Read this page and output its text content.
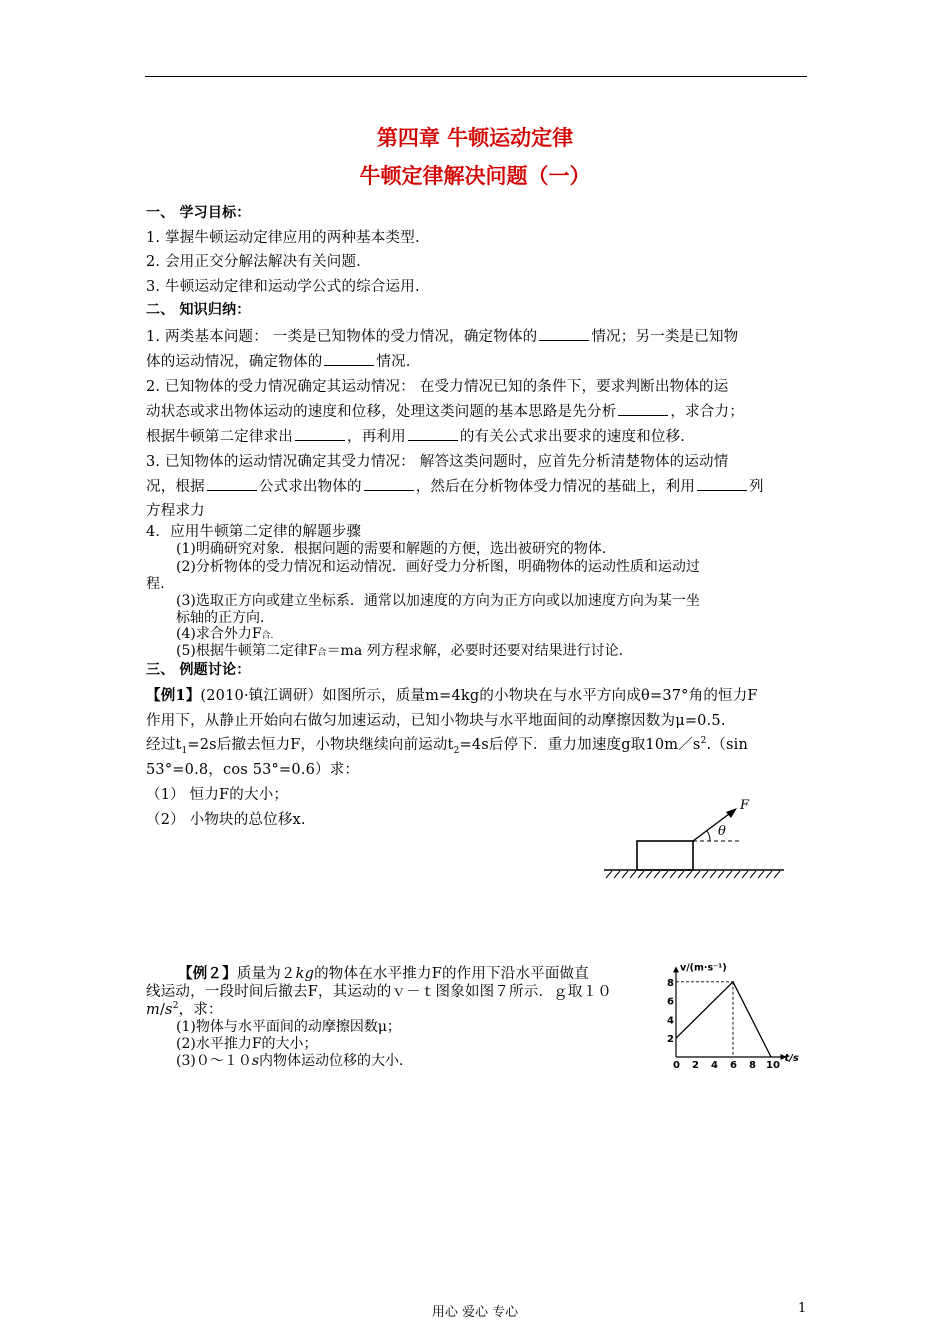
第四章 牛顿运动定律
牛顿定律解决问题（一）
一、 学习目标：
1. 掌握牛顿运动定律应用的两种基本类型.
2. 会用正交分解法解决有关问题.
3. 牛顿运动定律和运动学公式的综合运用.
二、 知识归纳：
1. 两类基本问题： 一类是已知物体的受力情况，确定物体的	情况；另一类是已知物
体的运动情况，确定物体的	情况.
2. 已知物体的受力情况确定其运动情况： 在受力情况已知的条件下，要求判断出物体的运
动状态或求出物体运动的速度和位移，处理这类问题的基本思路是先分析	，求合力；
根据牛顿第二定律求出	，再利用	的有关公式求出要求的速度和位移.
3. 已知物体的运动情况确定其受力情况： 解答这类问题时，应首先分析清楚物体的运动情
况，根据	公式求出物体的	，然后在分析物体受力情况的基础上，利用	列
方程求力
4．应用牛顿第二定律的解题步骤
(1)明确研究对象．根据问题的需要和解题的方便，选出被研究的物体．
(2)分析物体的受力情况和运动情况．画好受力分析图，明确物体的运动性质和运动过
程．
(3)选取正方向或建立坐标系．通常以加速度的方向为正方向或以加速度方向为某一坐
标轴的正方向．
(4)求合外力F合.
(5)根据牛顿第二定律F合＝ma 列方程求解，必要时还要对结果进行讨论．
三、 例题讨论：
【例1】(2010·镇江调研）如图所示，质量m=4kg的小物块在与水平方向成θ=37°角的恒力F
作用下，从静止开始向右做匀加速运动，已知小物块与水平地面间的动摩擦因数为μ=0.5.
经过$t_1=2s$后撤去恒力F，小物块继续向前运动$t_2=4s$后停下．重力加速度g取$10m/s^2.(\sin$
53°=0.8，cos 53°=0.6）求：
（1） 恒力F的大小；
（2） 小物块的总位移x.
F
θ
【例２】质量为２kg的物体在水平推力F的作用下沿水平面做直
线运动，一段时间后撤去F，其运动的ｖ－ｔ图象如图７所示．ｇ取１０
$m/s^2$，求：
(1)物体与水平面间的动摩擦因数μ；
(2)水平推力F的大小；
(3)０～１０s内物体运动位移的大小．
v/(m·s⁻¹)
t/s
0 2 4 6 8 10
2
4
6
8
用心 爱心 专心	1
